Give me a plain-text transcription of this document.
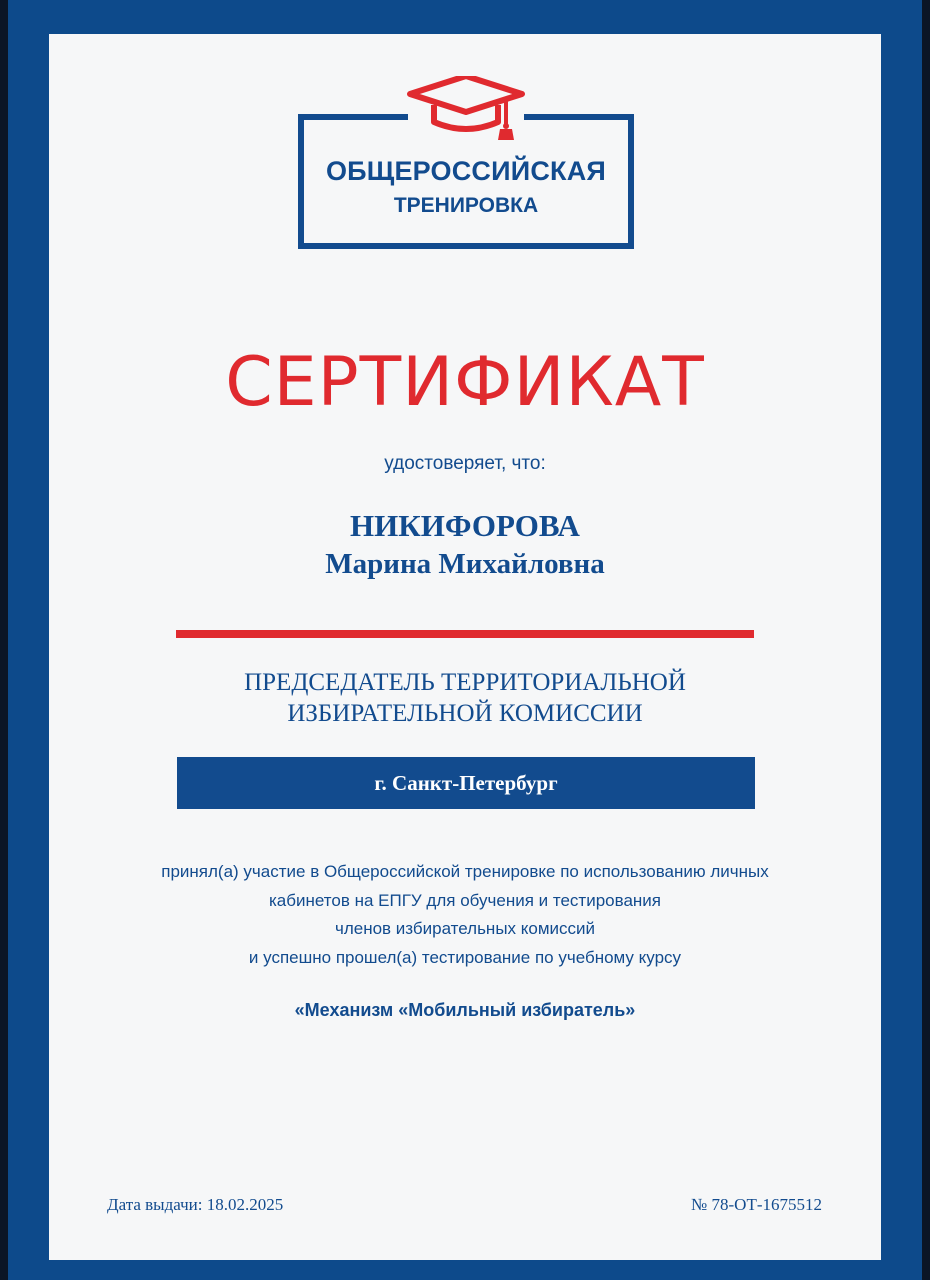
ОБЩЕРОССИЙСКАЯ
ТРЕНИРОВКА
СЕРТИФИКАТ
удостоверяет, что:
НИКИФОРОВА
Марина Михайловна
ПРЕДСЕДАТЕЛЬ ТЕРРИТОРИАЛЬНОЙ
ИЗБИРАТЕЛЬНОЙ КОМИССИИ
г. Санкт-Петербург
принял(а) участие в Общероссийской тренировке по использованию личных
кабинетов на ЕПГУ для обучения и тестирования
членов избирательных комиссий
и успешно прошел(а) тестирование по учебному курсу
«Механизм «Мобильный избиратель»
Дата выдачи: 18.02.2025	№ 78-ОТ-1675512
